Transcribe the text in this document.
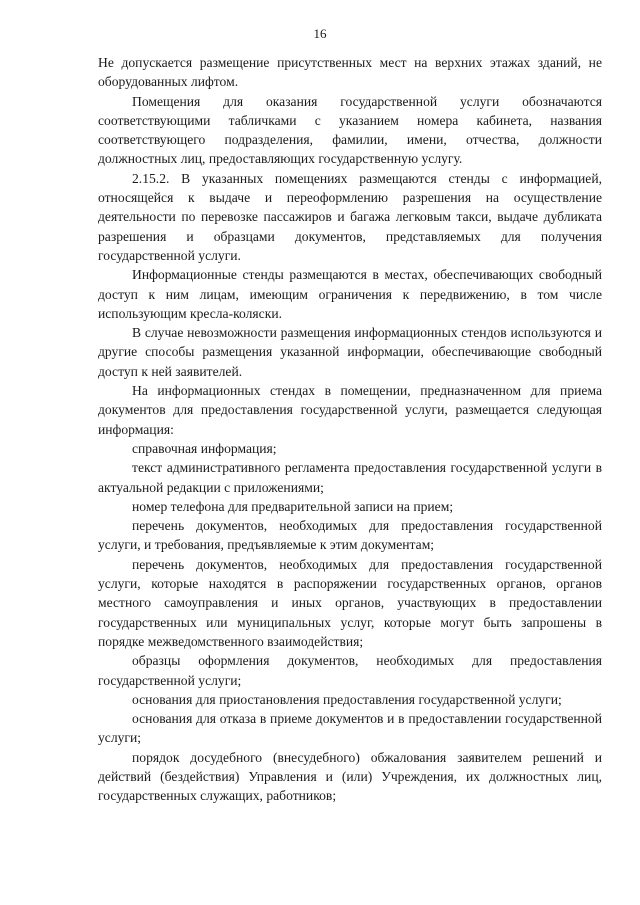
16

Не допускается размещение присутственных мест на верхних этажах зданий, не оборудованных лифтом.

Помещения для оказания государственной услуги обозначаются соответствующими табличками с указанием номера кабинета, названия соответствующего подразделения, фамилии, имени, отчества, должности должностных лиц, предоставляющих государственную услугу.

2.15.2. В указанных помещениях размещаются стенды с информацией, относящейся к выдаче и переоформлению разрешения на осуществление деятельности по перевозке пассажиров и багажа легковым такси, выдаче дубликата разрешения и образцами документов, представляемых для получения государственной услуги.

Информационные стенды размещаются в местах, обеспечивающих свободный доступ к ним лицам, имеющим ограничения к передвижению, в том числе использующим кресла-коляски.

В случае невозможности размещения информационных стендов используются и другие способы размещения указанной информации, обеспечивающие свободный доступ к ней заявителей.

На информационных стендах в помещении, предназначенном для приема документов для предоставления государственной услуги, размещается следующая информация:

справочная информация;

текст административного регламента предоставления государственной услуги в актуальной редакции с приложениями;

номер телефона для предварительной записи на прием;

перечень документов, необходимых для предоставления государственной услуги, и требования, предъявляемые к этим документам;

перечень документов, необходимых для предоставления государственной услуги, которые находятся в распоряжении государственных органов, органов местного самоуправления и иных органов, участвующих в предоставлении государственных или муниципальных услуг, которые могут быть запрошены в порядке межведомственного взаимодействия;

образцы оформления документов, необходимых для предоставления государственной услуги;

основания для приостановления предоставления государственной услуги;

основания для отказа в приеме документов и в предоставлении государственной услуги;

порядок досудебного (внесудебного) обжалования заявителем решений и действий (бездействия) Управления и (или) Учреждения, их должностных лиц, государственных служащих, работников;
